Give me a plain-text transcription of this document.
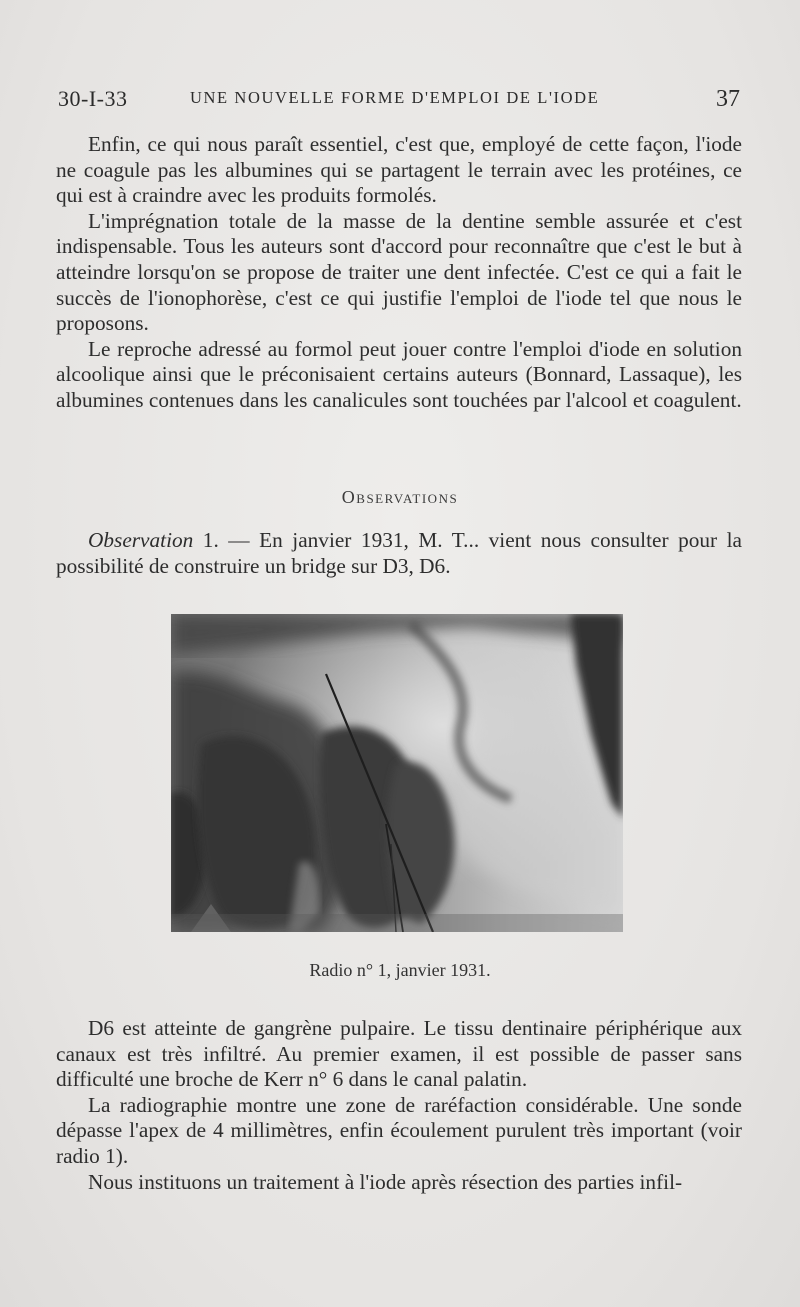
30-I-33	UNE NOUVELLE FORME D'EMPLOI DE L'IODE	37

Enfin, ce qui nous paraît essentiel, c'est que, employé de cette façon, l'iode ne coagule pas les albumines qui se partagent le terrain avec les protéines, ce qui est à craindre avec les produits formolés.

L'imprégnation totale de la masse de la dentine semble assurée et c'est indispensable. Tous les auteurs sont d'accord pour reconnaître que c'est le but à atteindre lorsqu'on se propose de traiter une dent infectée. C'est ce qui a fait le succès de l'ionophorèse, c'est ce qui justifie l'emploi de l'iode tel que nous le proposons.

Le reproche adressé au formol peut jouer contre l'emploi d'iode en solution alcoolique ainsi que le préconisaient certains auteurs (Bonnard, Lassaque), les albumines contenues dans les canalicules sont touchées par l'alcool et coagulent.

Observations

Observation 1. — En janvier 1931, M. T... vient nous consulter pour la possibilité de construire un bridge sur D3, D6.

Radio n° 1, janvier 1931.

D6 est atteinte de gangrène pulpaire. Le tissu dentinaire périphérique aux canaux est très infiltré. Au premier examen, il est possible de passer sans difficulté une broche de Kerr n° 6 dans le canal palatin.

La radiographie montre une zone de raréfaction considérable. Une sonde dépasse l'apex de 4 millimètres, enfin écoulement purulent très important (voir radio 1).

Nous instituons un traitement à l'iode après résection des parties infil-
